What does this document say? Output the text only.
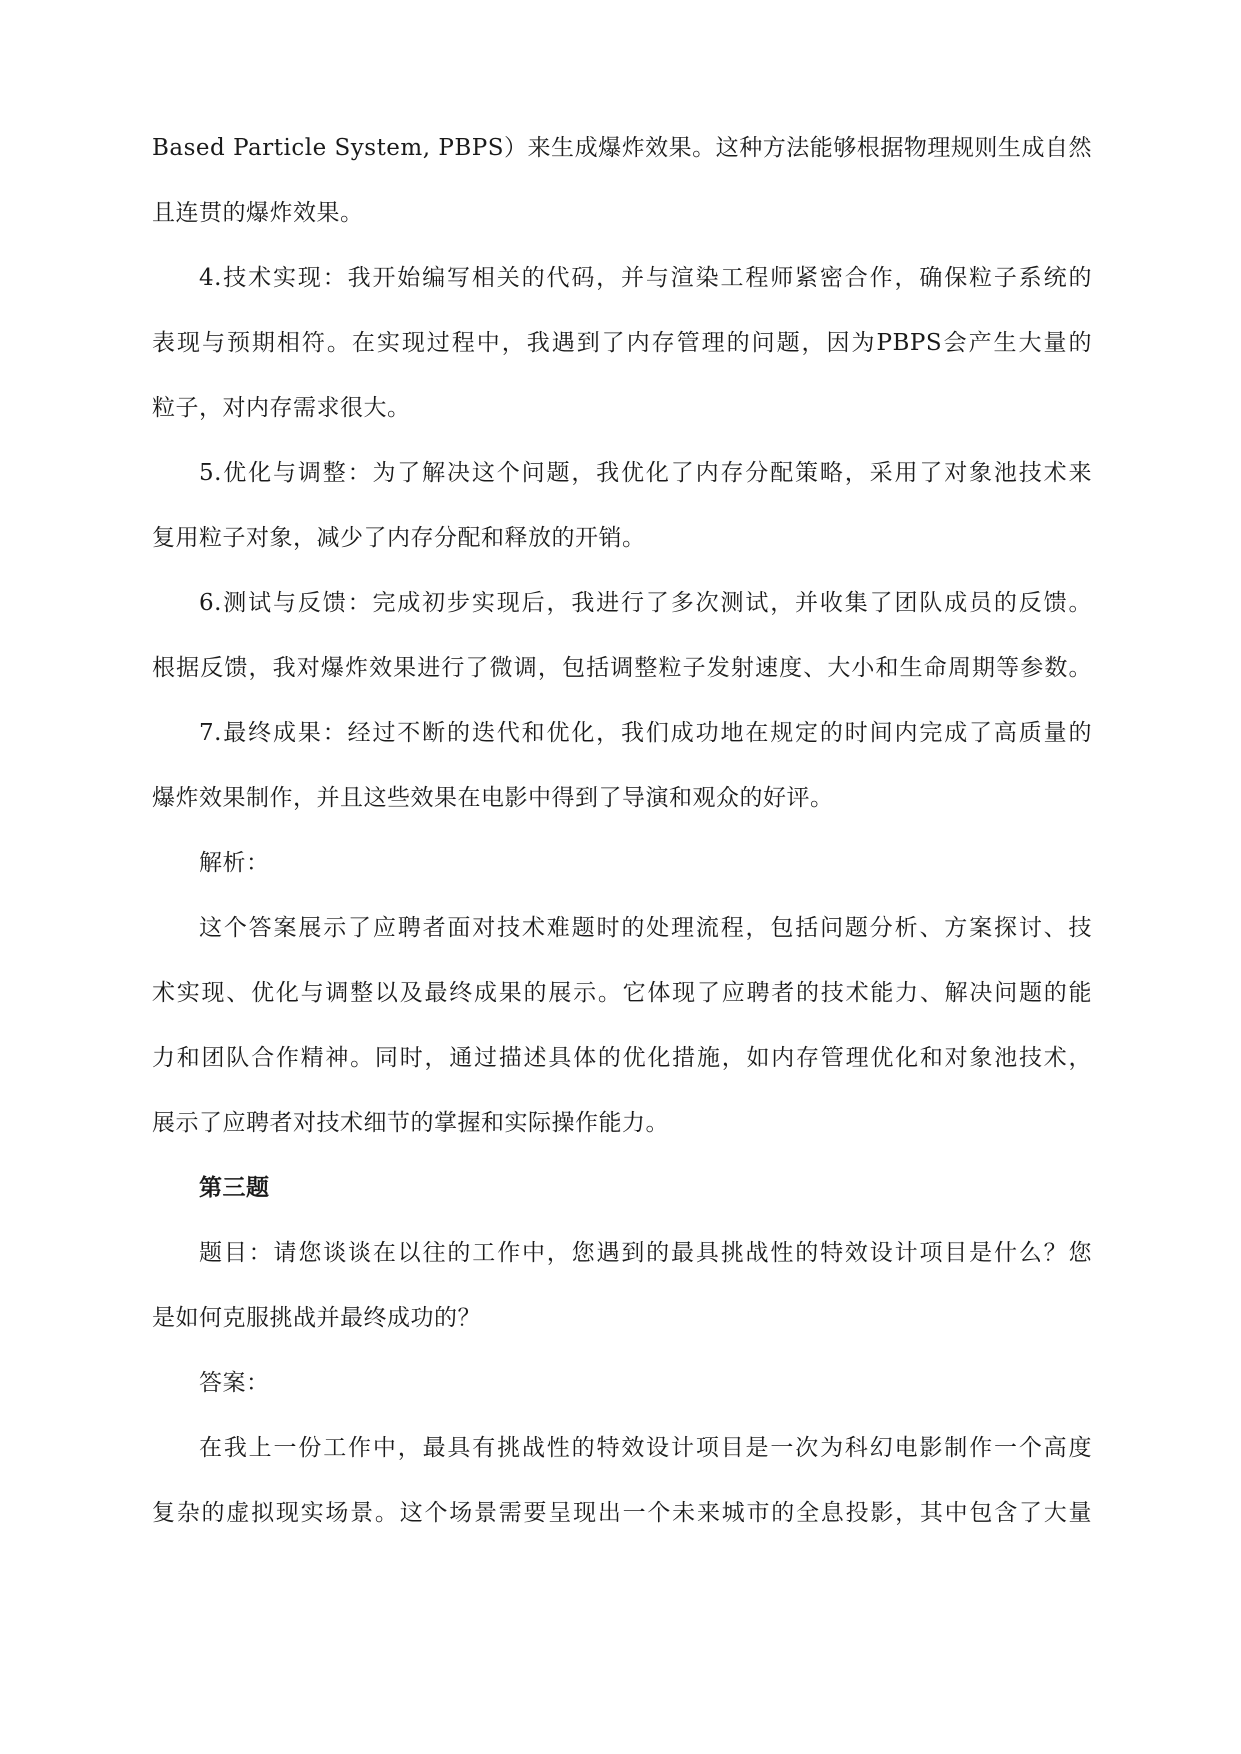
Based Particle System, PBPS）来生成爆炸效果。这种方法能够根据物理规则生成自然
且连贯的爆炸效果。
4.技术实现：我开始编写相关的代码，并与渲染工程师紧密合作，确保粒子系统的
表现与预期相符。在实现过程中，我遇到了内存管理的问题，因为PBPS会产生大量的
粒子，对内存需求很大。
5.优化与调整：为了解决这个问题，我优化了内存分配策略，采用了对象池技术来
复用粒子对象，减少了内存分配和释放的开销。
6.测试与反馈：完成初步实现后，我进行了多次测试，并收集了团队成员的反馈。
根据反馈，我对爆炸效果进行了微调，包括调整粒子发射速度、大小和生命周期等参数。
7.最终成果：经过不断的迭代和优化，我们成功地在规定的时间内完成了高质量的
爆炸效果制作，并且这些效果在电影中得到了导演和观众的好评。
解析：
这个答案展示了应聘者面对技术难题时的处理流程，包括问题分析、方案探讨、技
术实现、优化与调整以及最终成果的展示。它体现了应聘者的技术能力、解决问题的能
力和团队合作精神。同时，通过描述具体的优化措施，如内存管理优化和对象池技术，
展示了应聘者对技术细节的掌握和实际操作能力。
第三题
题目：请您谈谈在以往的工作中，您遇到的最具挑战性的特效设计项目是什么？您
是如何克服挑战并最终成功的？
答案：
在我上一份工作中，最具有挑战性的特效设计项目是一次为科幻电影制作一个高度
复杂的虚拟现实场景。这个场景需要呈现出一个未来城市的全息投影，其中包含了大量
